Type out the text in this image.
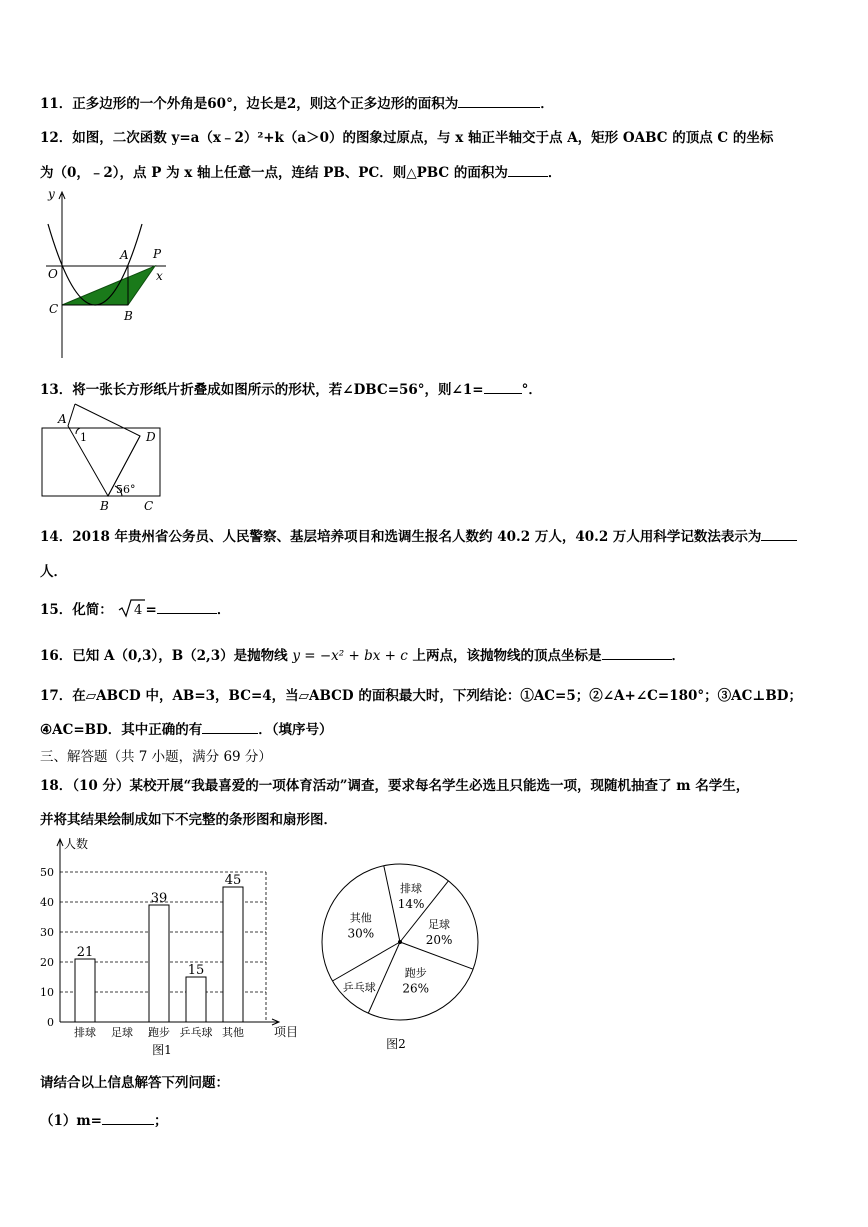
11．正多边形的一个外角是60°，边长是2，则这个正多边形的面积为	．
12．如图，二次函数 y=a（x﹣2）²+k（a＞0）的图象过原点，与 x 轴正半轴交于点 A，矩形 OABC 的顶点 C 的坐标
为（0，﹣2），点 P 为 x 轴上任意一点，连结 PB、PC．则△PBC 的面积为	．
y
x
O
A P
C	B
13．将一张长方形纸片折叠成如图所示的形状，若∠DBC=56°，则∠1=	°．
A
D
B	C
1
56°
14．2018 年贵州省公务员、人民警察、基层培养项目和选调生报名人数约 40.2 万人，40.2 万人用科学记数法表示为
人．
15．化简： 4 =	．
16．已知 A（0,3），B（2,3）是抛物线 y = −x² + bx + c 上两点，该抛物线的顶点坐标是	．
17．在▱ABCD 中，AB=3，BC=4，当▱ABCD 的面积最大时，下列结论：①AC=5；②∠A+∠C=180°；③AC⊥BD；
④AC=BD．其中正确的有	．（填序号）
三、解答题（共 7 小题，满分 69 分）
18．（10 分）某校开展“我最喜爱的一项体育活动”调查，要求每名学生必选且只能选一项，现随机抽查了 m 名学生，
并将其结果绘制成如下不完整的条形图和扇形图．
0
10
20
30
40
50
人数
项目
21
排球 足球
39
跑步
15
乒乓球
45
其他
图1
排球
14%
足球
20%
跑步
26%
乒乓球
其他
30%
图2
请结合以上信息解答下列问题：
（1）m=	；
